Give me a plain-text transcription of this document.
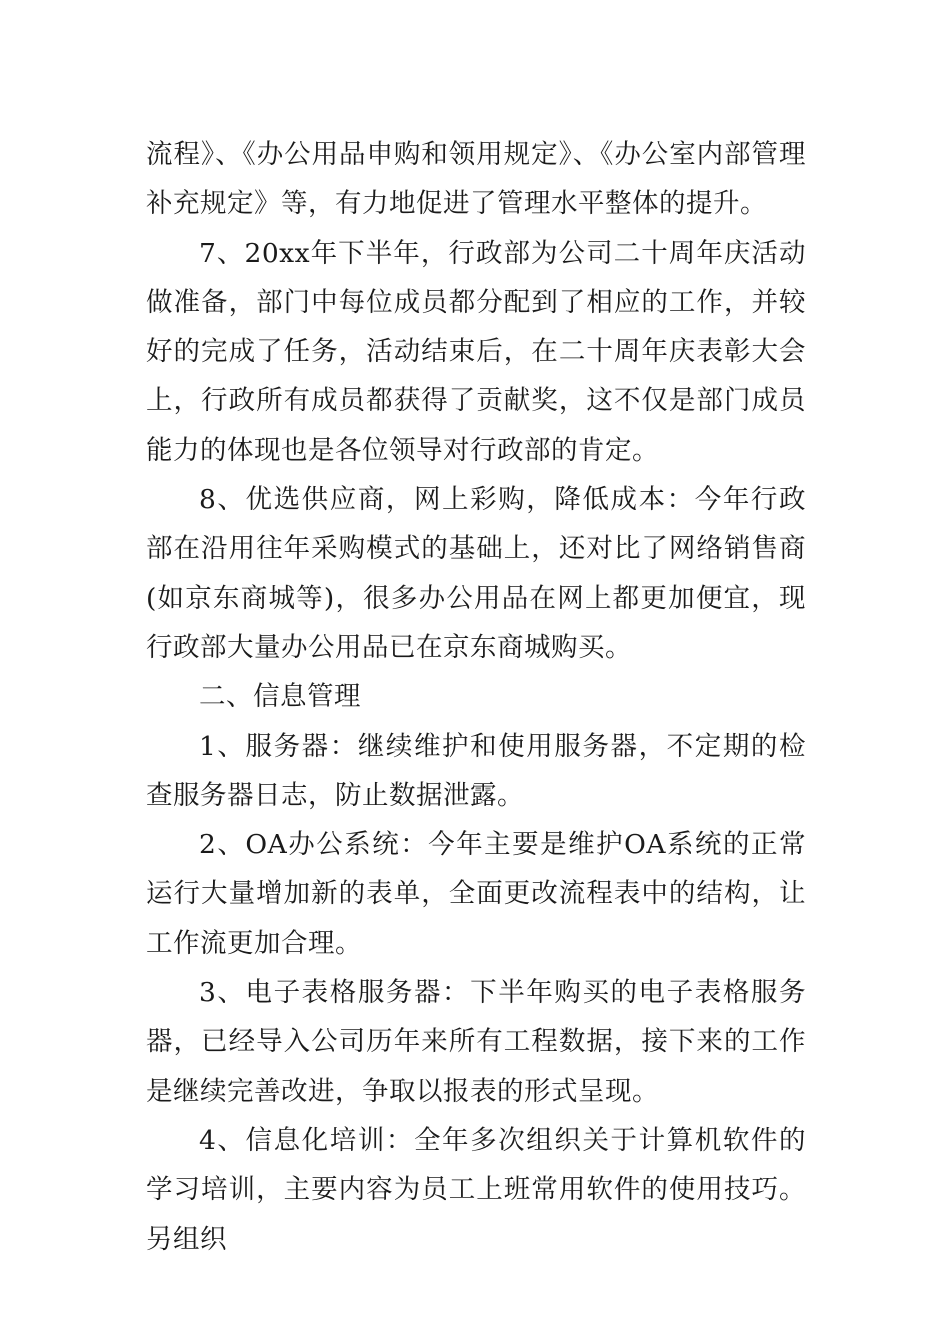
流程》、《办公用品申购和领用规定》、《办公室内部管理补充规定》等，有力地促进了管理水平整体的提升。

7、20xx年下半年，行政部为公司二十周年庆活动做准备，部门中每位成员都分配到了相应的工作，并较好的完成了任务，活动结束后，在二十周年庆表彰大会上，行政所有成员都获得了贡献奖，这不仅是部门成员能力的体现也是各位领导对行政部的肯定。

8、优选供应商，网上彩购，降低成本：今年行政部在沿用往年采购模式的基础上，还对比了网络销售商(如京东商城等)，很多办公用品在网上都更加便宜，现行政部大量办公用品已在京东商城购买。

二、信息管理

1、服务器：继续维护和使用服务器，不定期的检查服务器日志，防止数据泄露。

2、OA办公系统：今年主要是维护OA系统的正常运行大量增加新的表单，全面更改流程表中的结构，让工作流更加合理。

3、电子表格服务器：下半年购买的电子表格服务器，已经导入公司历年来所有工程数据，接下来的工作是继续完善改进，争取以报表的形式呈现。

4、信息化培训：全年多次组织关于计算机软件的学习培训，主要内容为员工上班常用软件的使用技巧。另组织
